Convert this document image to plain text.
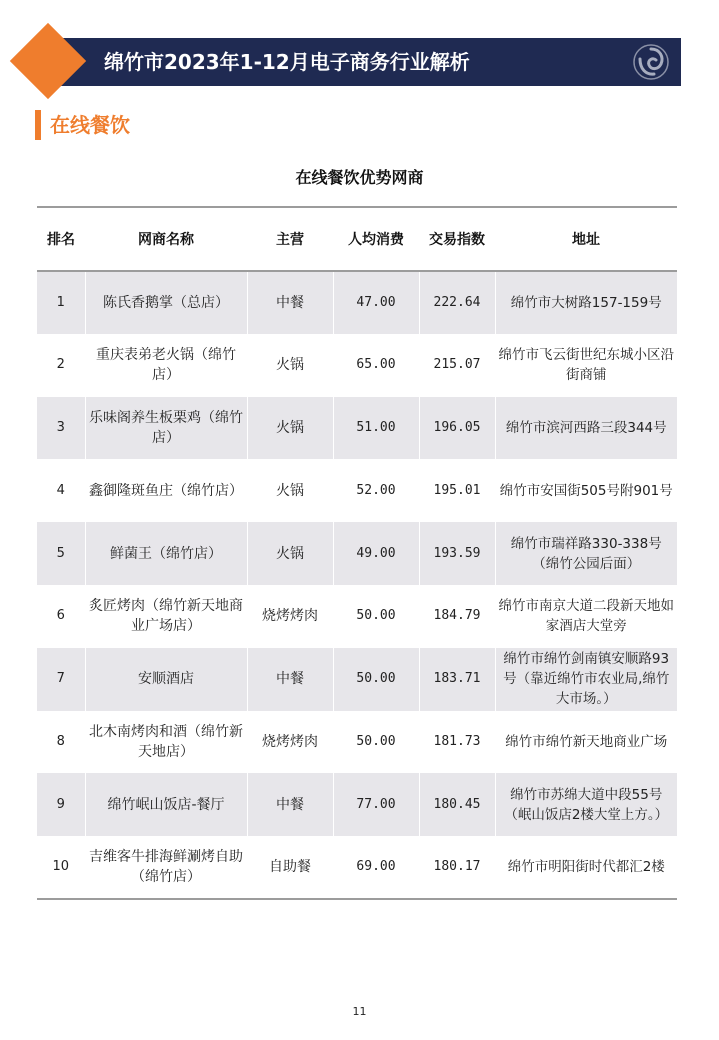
绵竹市2023年1-12月电子商务行业解析
在线餐饮
在线餐饮优势网商
排名	网商名称	主营	人均消费	交易指数	地址
1	陈氏香鹅掌（总店）	中餐	47.00	222.64	绵竹市大树路157-159号
2	重庆表弟老火锅（绵竹店）	火锅	65.00	215.07	绵竹市飞云街世纪东城小区沿街商铺
3	乐味阁养生板栗鸡（绵竹店）	火锅	51.00	196.05	绵竹市滨河西路三段344号
4	鑫御隆斑鱼庄（绵竹店）	火锅	52.00	195.01	绵竹市安国街505号附901号
5	鲜菌王（绵竹店）	火锅	49.00	193.59	绵竹市瑞祥路330-338号（绵竹公园后面）
6	炙匠烤肉（绵竹新天地商业广场店）	烧烤烤肉	50.00	184.79	绵竹市南京大道二段新天地如家酒店大堂旁
7	安顺酒店	中餐	50.00	183.71	绵竹市绵竹剑南镇安顺路93号（靠近绵竹市农业局,绵竹大市场。）
8	北木南烤肉和酒（绵竹新天地店）	烧烤烤肉	50.00	181.73	绵竹市绵竹新天地商业广场
9	绵竹岷山饭店-餐厅	中餐	77.00	180.45	绵竹市苏绵大道中段55号（岷山饭店2楼大堂上方。）
10	吉维客牛排海鲜涮烤自助（绵竹店）	自助餐	69.00	180.17	绵竹市明阳街时代都汇2楼
11
